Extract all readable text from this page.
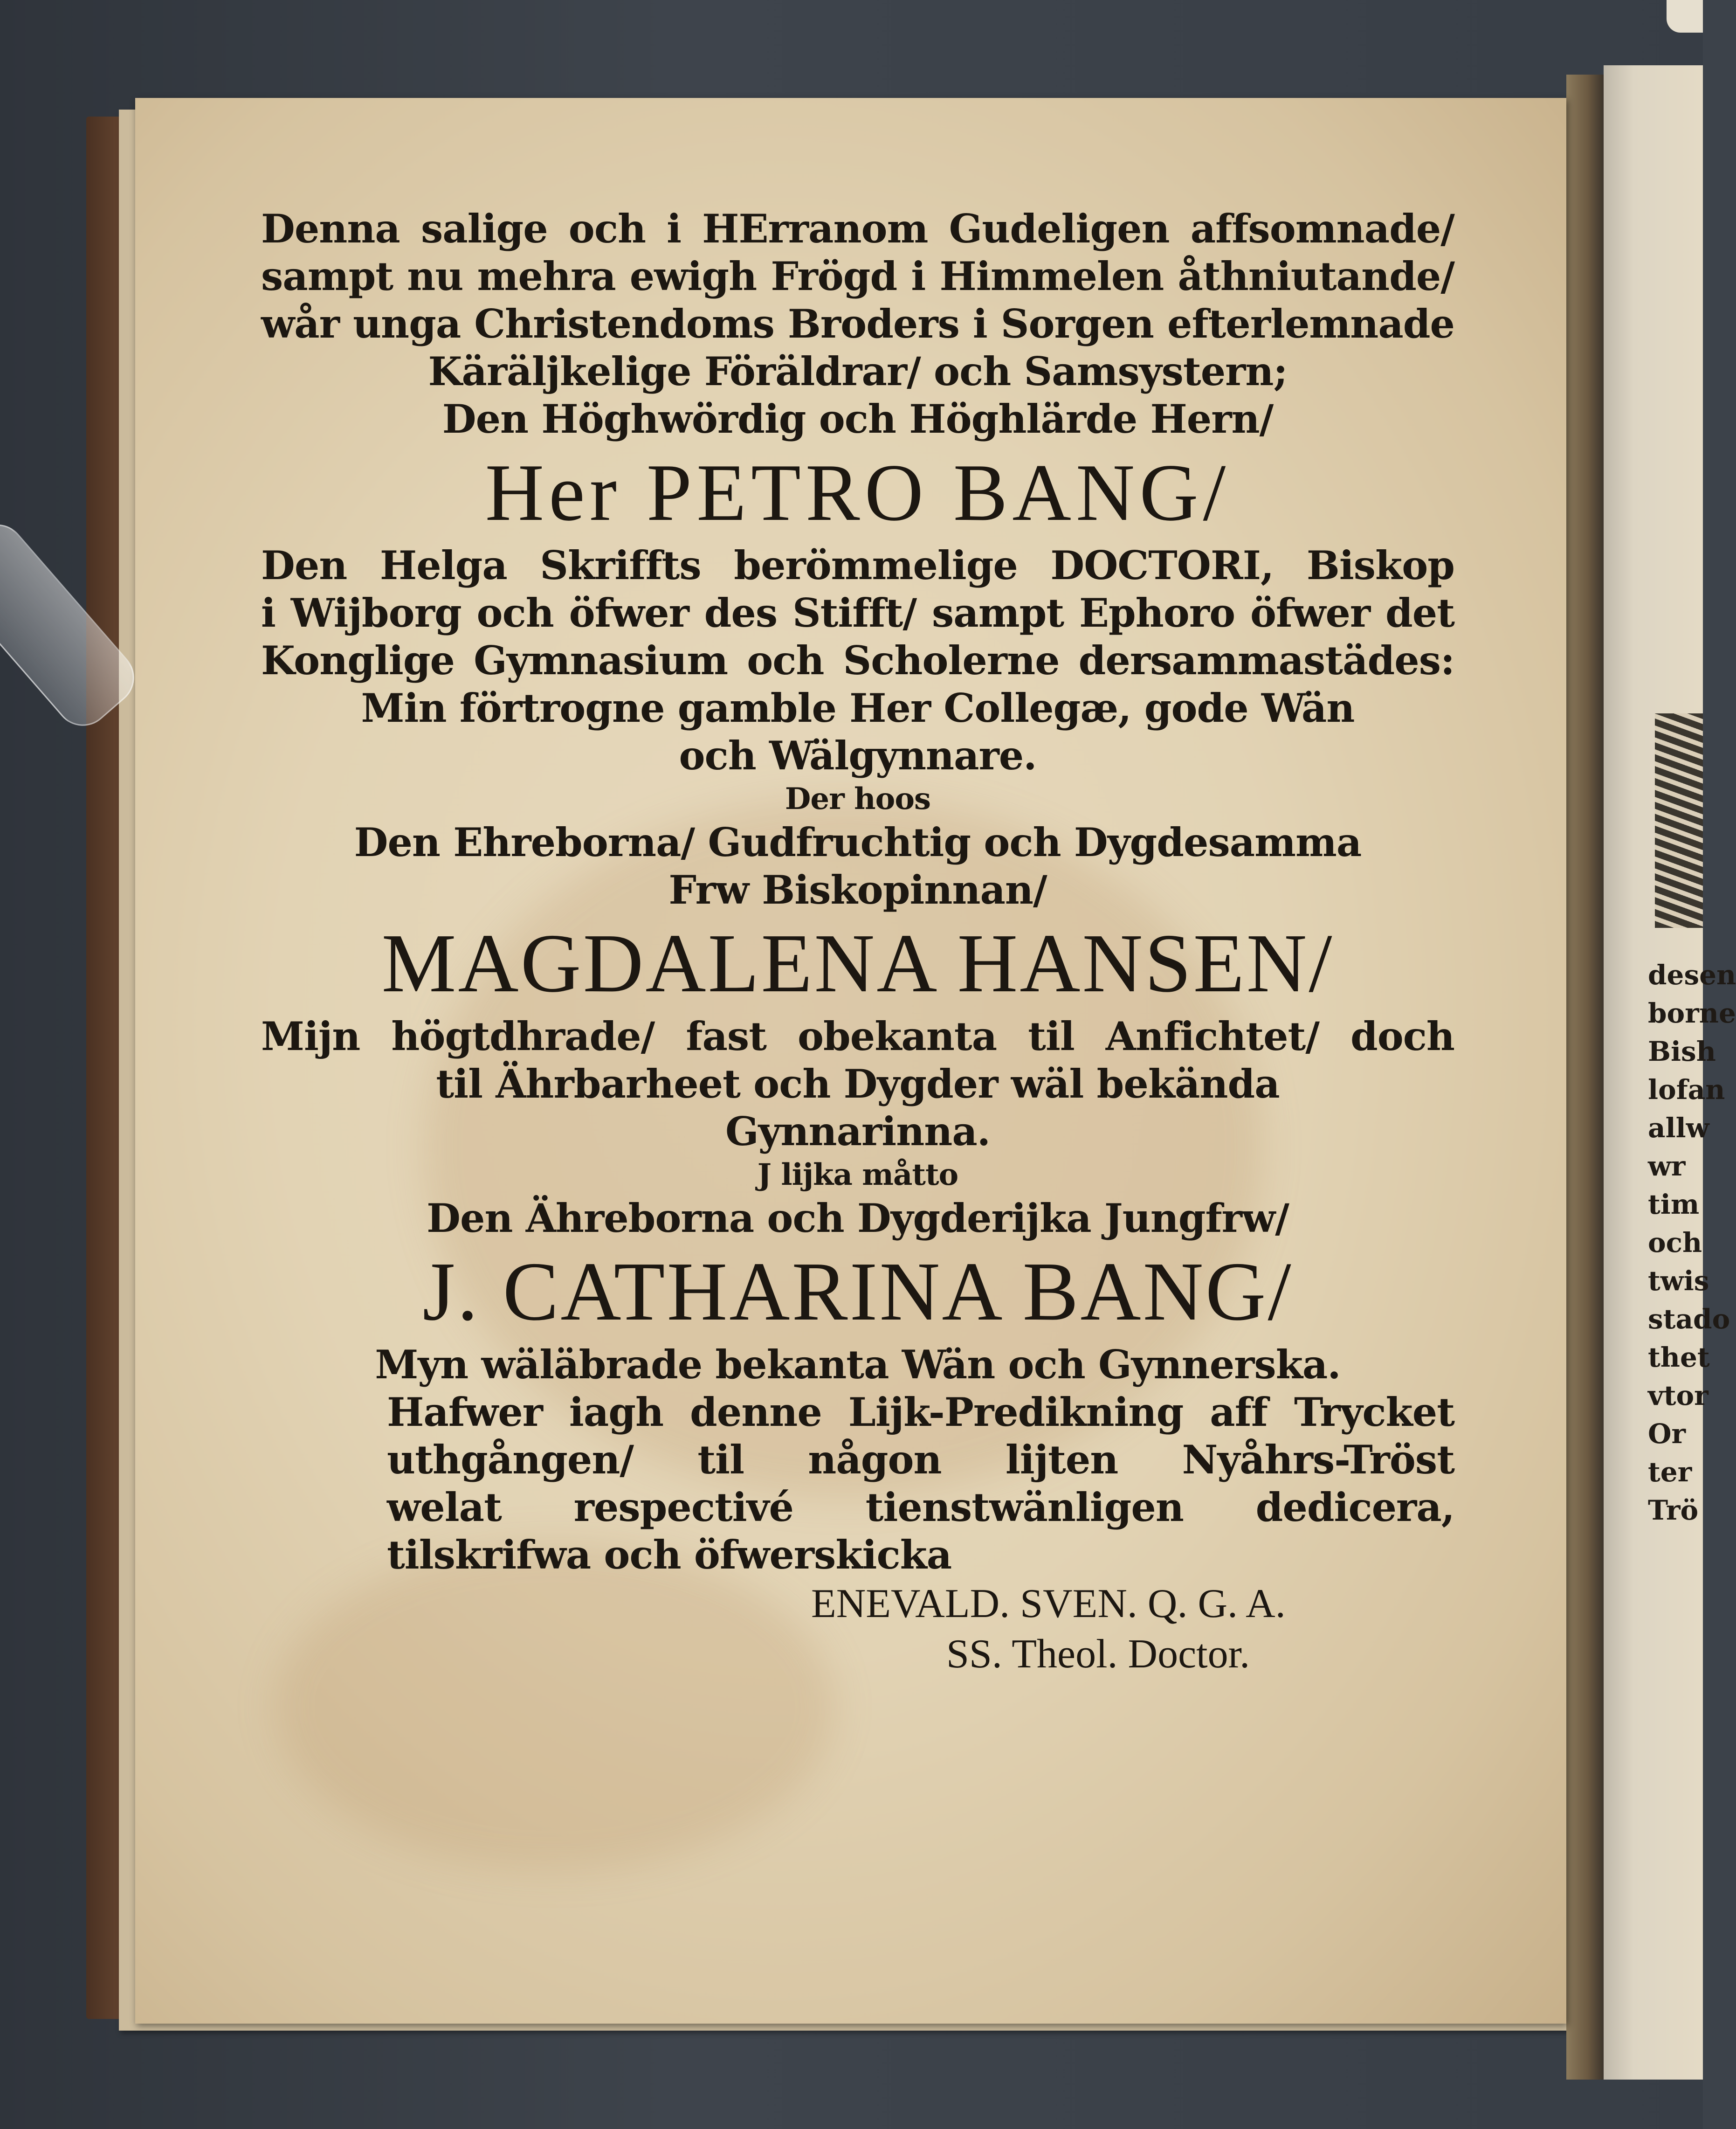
desen
borne
Bish
lofan
allw
wr
tim
och
twis
stado
thet
vtor
Or
ter
Trö
Denna salige och i HErranom Gudeligen affsomnade/
sampt nu mehra ewigh Frögd i Himmelen åthniutande/
wår unga Christendoms Broders i Sorgen efterlemnade
Käräljkelige Föräldrar/ och Samsystern;
Den Höghwördig och Höghlärde Hern/
Her PETRO BANG/
Den Helga Skriffts berömmelige DOCTORI, Biskop
i Wijborg och öfwer des Stifft/ sampt Ephoro öfwer det
Konglige Gymnasium och Scholerne dersammastädes:
Min förtrogne gamble Her Collegæ, gode Wän
och Wälgynnare.
Der hoos
Den Ehreborna/ Gudfruchtig och Dygdesamma
Frw Biskopinnan/
MAGDALENA HANSEN/
Mijn högtdhrade/ fast obekanta til Anfichtet/ doch
til Ährbarheet och Dygder wäl bekända
Gynnarinna.
J lijka måtto
Den Ähreborna och Dygderijka Jungfrw/
J. CATHARINA BANG/
Myn wäläbrade bekanta Wän och Gynnerska.
Hafwer iagh denne Lijk-Predikning aff Trycket
uthgången/ til någon lijten Nyåhrs-Tröst
welat respectivé tienstwänligen dedicera,
tilskrifwa och öfwerskicka
ENEVALD. SVEN. Q. G. A.
SS. Theol. Doctor.
